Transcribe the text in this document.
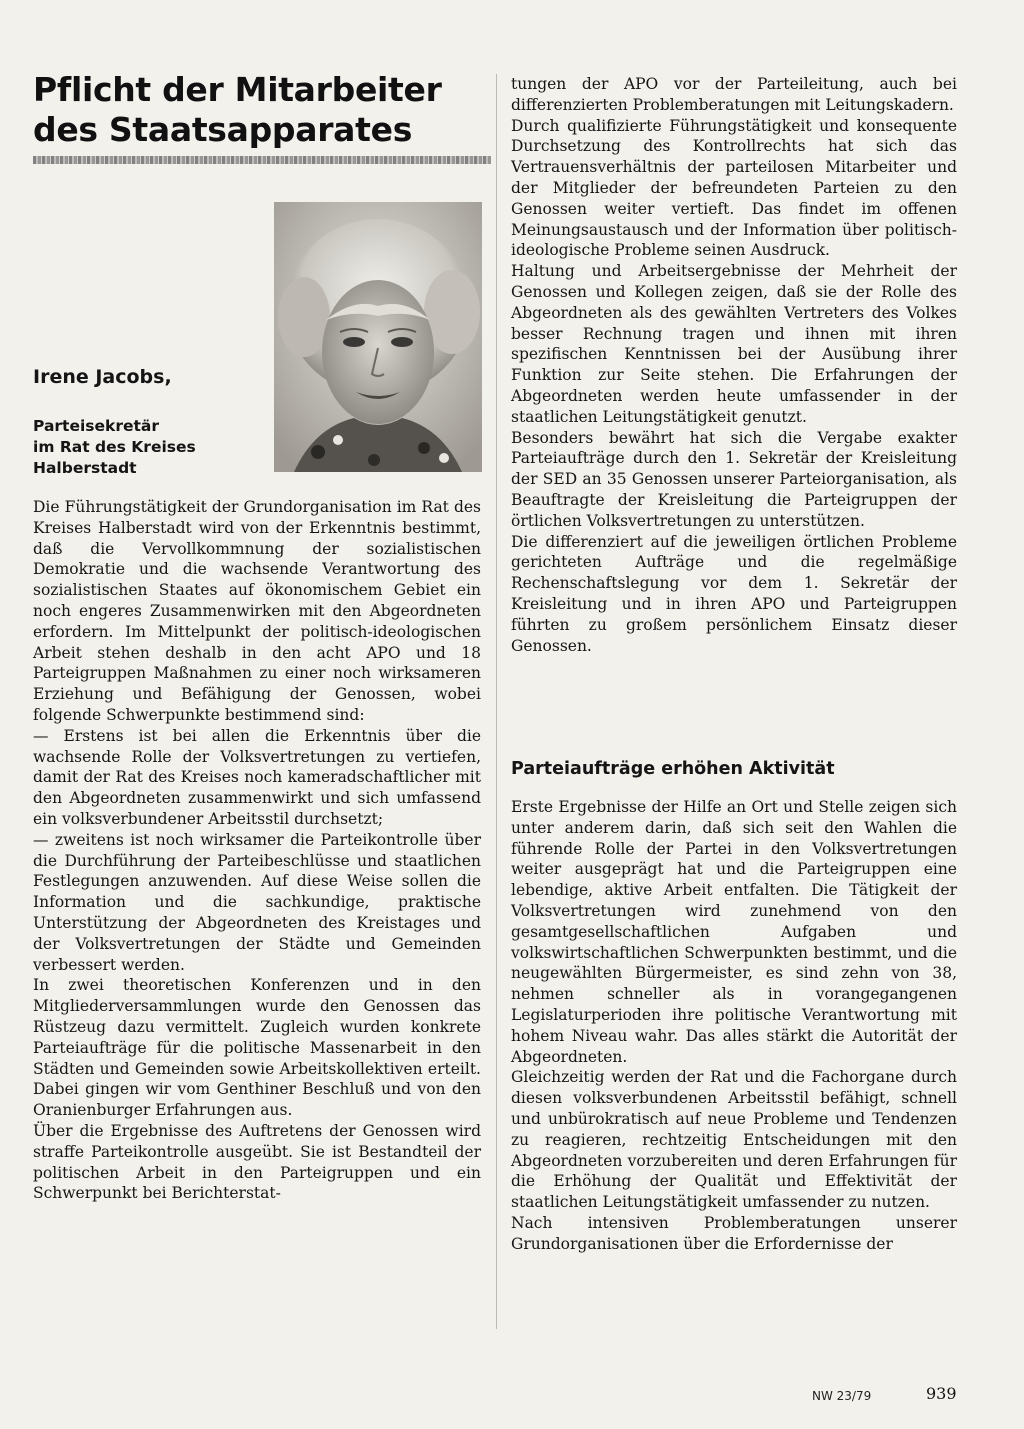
Pflicht der Mitarbeiter des Staatsapparates
Irene Jacobs,
Parteisekretär
im Rat des Kreises
Halberstadt

Die Führungstätigkeit der Grundorganisation im Rat des Kreises Halberstadt wird von der Erkenntnis bestimmt, daß die Vervollkommnung der sozialistischen Demokratie und die wachsende Verantwortung des sozialistischen Staates auf ökonomischem Gebiet ein noch engeres Zusammenwirken mit den Abgeordneten erfordern. Im Mittelpunkt der politisch-ideologischen Arbeit stehen deshalb in den acht APO und 18 Parteigruppen Maßnahmen zu einer noch wirksameren Erziehung und Befähigung der Genossen, wobei folgende Schwerpunkte bestimmend sind:

— Erstens ist bei allen die Erkenntnis über die wachsende Rolle der Volksvertretungen zu vertiefen, damit der Rat des Kreises noch kameradschaftlicher mit den Abgeordneten zusammenwirkt und sich umfassend ein volksverbundener Arbeitsstil durchsetzt;

— zweitens ist noch wirksamer die Parteikontrolle über die Durchführung der Parteibeschlüsse und staatlichen Festlegungen anzuwenden. Auf diese Weise sollen die Information und die sachkundige, praktische Unterstützung der Abgeordneten des Kreistages und der Volksvertretungen der Städte und Gemeinden verbessert werden.

In zwei theoretischen Konferenzen und in den Mitgliederversammlungen wurde den Genossen das Rüstzeug dazu vermittelt. Zugleich wurden konkrete Parteiaufträge für die politische Massenarbeit in den Städten und Gemeinden sowie Arbeitskollektiven erteilt. Dabei gingen wir vom Genthiner Beschluß und von den Oranienburger Erfahrungen aus.

Über die Ergebnisse des Auftretens der Genossen wird straffe Parteikontrolle ausgeübt. Sie ist Bestandteil der politischen Arbeit in den Parteigruppen und ein Schwerpunkt bei Berichterstat-

tungen der APO vor der Parteileitung, auch bei differenzierten Problemberatungen mit Leitungskadern.

Durch qualifizierte Führungstätigkeit und konsequente Durchsetzung des Kontrollrechts hat sich das Vertrauensverhältnis der parteilosen Mitarbeiter und der Mitglieder der befreundeten Parteien zu den Genossen weiter vertieft. Das findet im offenen Meinungsaustausch und der Information über politisch-ideologische Probleme seinen Ausdruck.

Haltung und Arbeitsergebnisse der Mehrheit der Genossen und Kollegen zeigen, daß sie der Rolle des Abgeordneten als des gewählten Vertreters des Volkes besser Rechnung tragen und ihnen mit ihren spezifischen Kenntnissen bei der Ausübung ihrer Funktion zur Seite stehen. Die Erfahrungen der Abgeordneten werden heute umfassender in der staatlichen Leitungstätigkeit genutzt.

Besonders bewährt hat sich die Vergabe exakter Parteiaufträge durch den 1. Sekretär der Kreisleitung der SED an 35 Genossen unserer Parteiorganisation, als Beauftragte der Kreisleitung die Parteigruppen der örtlichen Volksvertretungen zu unterstützen.

Die differenziert auf die jeweiligen örtlichen Probleme gerichteten Aufträge und die regelmäßige Rechenschaftslegung vor dem 1. Sekretär der Kreisleitung und in ihren APO und Parteigruppen führten zu großem persönlichem Einsatz dieser Genossen.

Parteiaufträge erhöhen Aktivität

Erste Ergebnisse der Hilfe an Ort und Stelle zeigen sich unter anderem darin, daß sich seit den Wahlen die führende Rolle der Partei in den Volksvertretungen weiter ausgeprägt hat und die Parteigruppen eine lebendige, aktive Arbeit entfalten. Die Tätigkeit der Volksvertretungen wird zunehmend von den gesamtgesellschaftlichen Aufgaben und volkswirtschaftlichen Schwerpunkten bestimmt, und die neugewählten Bürgermeister, es sind zehn von 38, nehmen schneller als in vorangegangenen Legislaturperioden ihre politische Verantwortung mit hohem Niveau wahr. Das alles stärkt die Autorität der Abgeordneten.

Gleichzeitig werden der Rat und die Fachorgane durch diesen volksverbundenen Arbeitsstil befähigt, schnell und unbürokratisch auf neue Probleme und Tendenzen zu reagieren, rechtzeitig Entscheidungen mit den Abgeordneten vorzubereiten und deren Erfahrungen für die Erhöhung der Qualität und Effektivität der staatlichen Leitungstätigkeit umfassender zu nutzen.

Nach intensiven Problemberatungen unserer Grundorganisationen über die Erfordernisse der

NW 23/79	939
